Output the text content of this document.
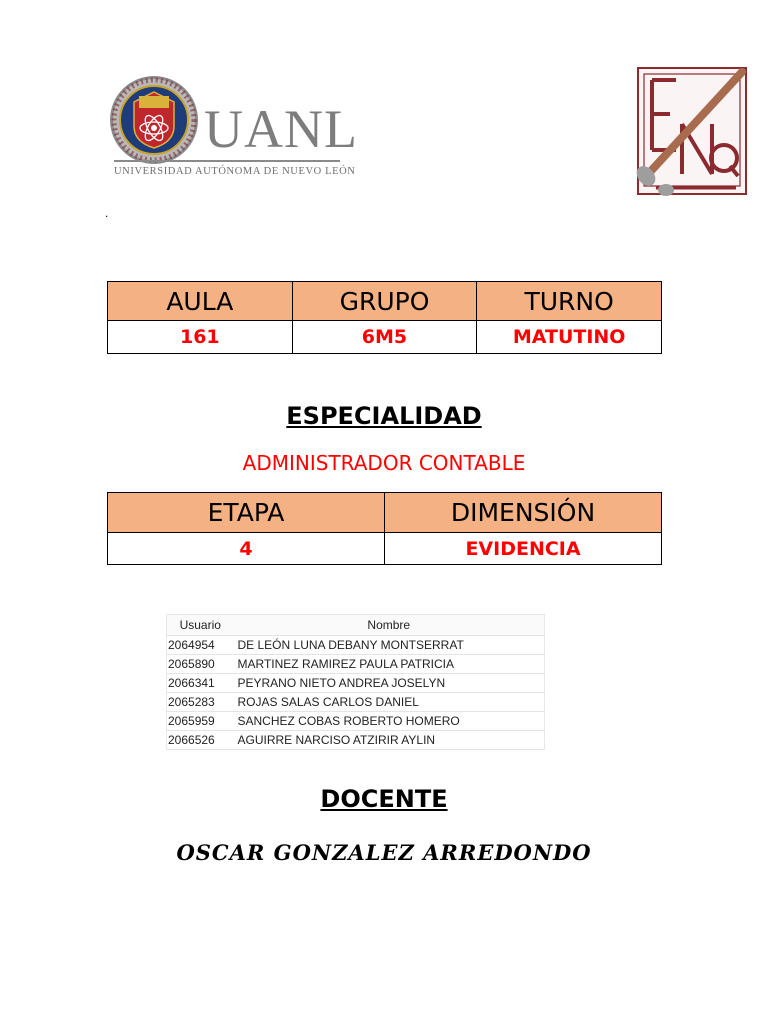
UANL
UNIVERSIDAD AUTÓNOMA DE NUEVO LEÓN
.
AULA	GRUPO	TURNO
161	6M5	MATUTINO
ESPECIALIDAD
ADMINISTRADOR CONTABLE
ETAPA	DIMENSIÓN
4	EVIDENCIA
Usuario	Nombre
2064954	DE LEÓN LUNA DEBANY MONTSERRAT
2065890	MARTINEZ RAMIREZ PAULA PATRICIA
2066341	PEYRANO NIETO ANDREA JOSELYN
2065283	ROJAS SALAS CARLOS DANIEL
2065959	SANCHEZ COBAS ROBERTO HOMERO
2066526	AGUIRRE NARCISO ATZIRIR AYLIN
DOCENTE
OSCAR GONZALEZ ARREDONDO
